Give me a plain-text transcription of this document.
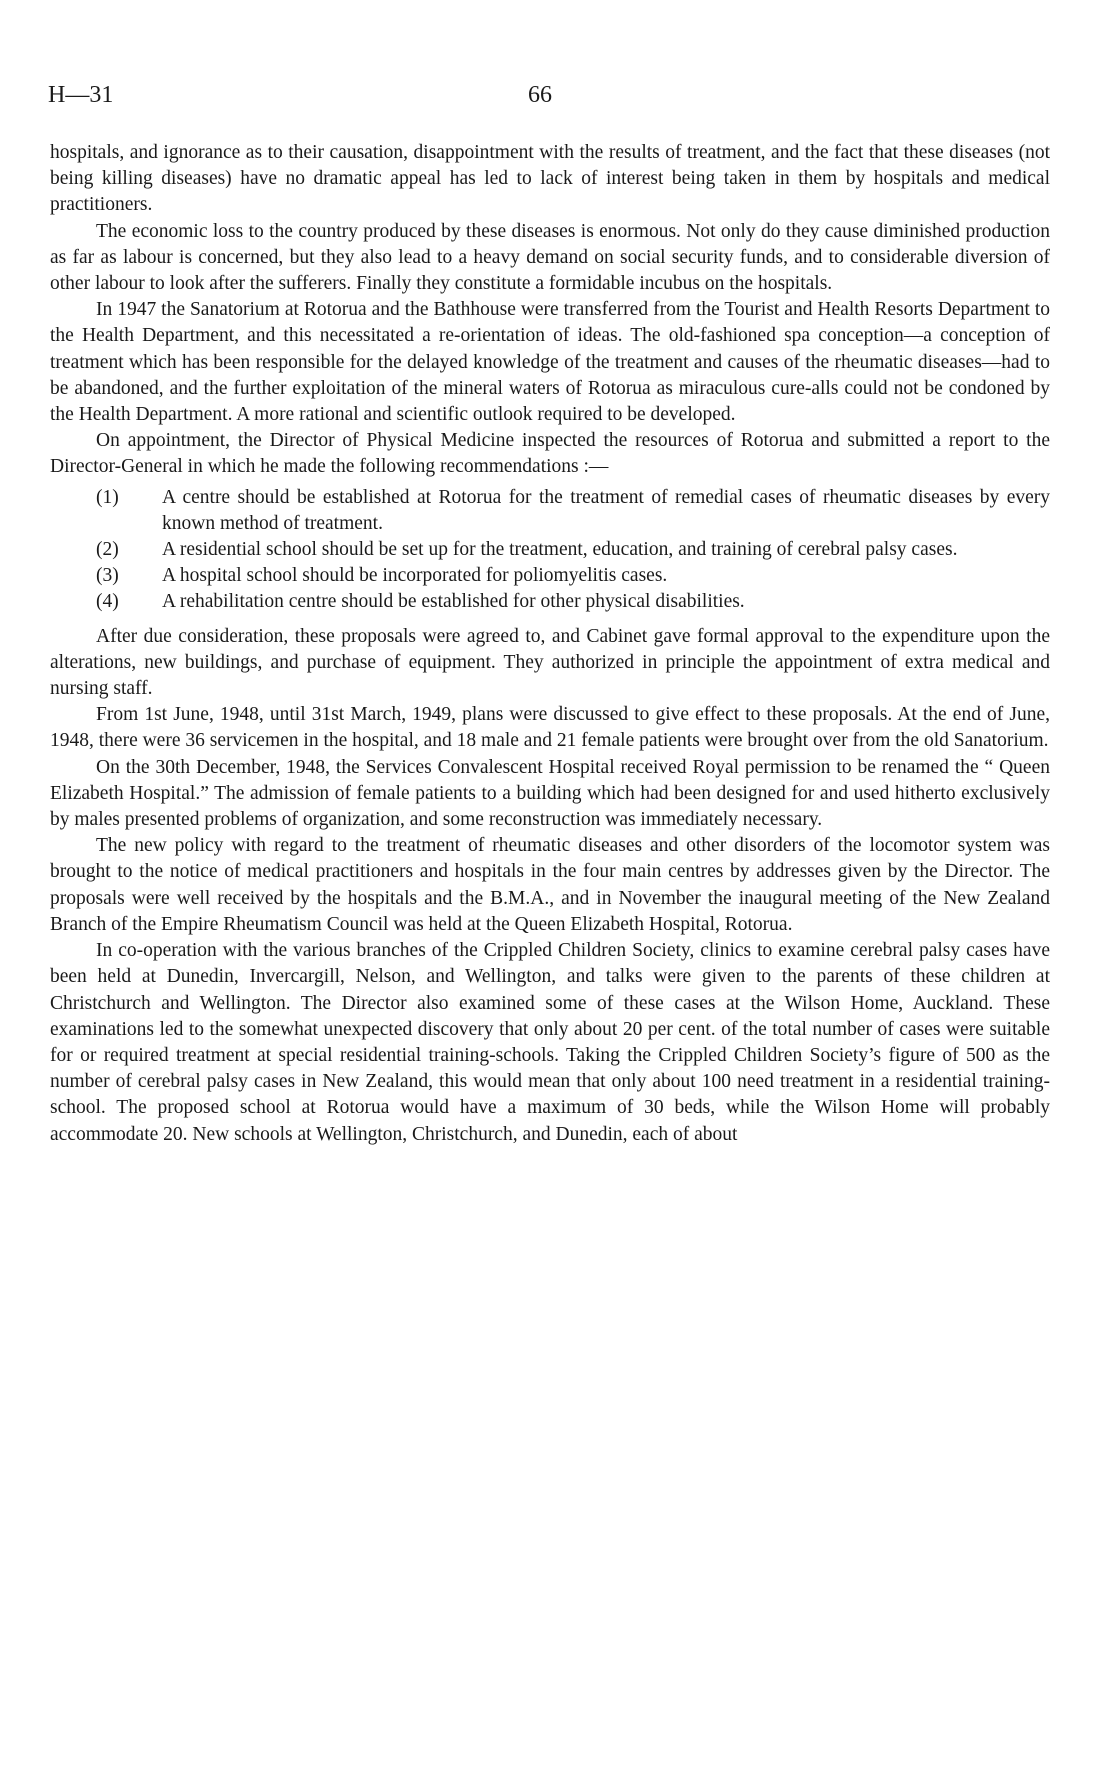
H—31	66

hospitals, and ignorance as to their causation, disappointment with the results of treatment, and the fact that these diseases (not being killing diseases) have no dramatic appeal has led to lack of interest being taken in them by hospitals and medical practitioners.

The economic loss to the country produced by these diseases is enormous. Not only do they cause diminished production as far as labour is concerned, but they also lead to a heavy demand on social security funds, and to considerable diversion of other labour to look after the sufferers. Finally they constitute a formidable incubus on the hospitals.

In 1947 the Sanatorium at Rotorua and the Bathhouse were transferred from the Tourist and Health Resorts Department to the Health Department, and this necessitated a re-orientation of ideas. The old-fashioned spa conception—a conception of treatment which has been responsible for the delayed knowledge of the treatment and causes of the rheumatic diseases—had to be abandoned, and the further exploitation of the mineral waters of Rotorua as miraculous cure-alls could not be condoned by the Health Department. A more rational and scientific outlook required to be developed.

On appointment, the Director of Physical Medicine inspected the resources of Rotorua and submitted a report to the Director-General in which he made the following recommendations :—

(1) A centre should be established at Rotorua for the treatment of remedial cases of rheumatic diseases by every known method of treatment.
(2) A residential school should be set up for the treatment, education, and training of cerebral palsy cases.
(3) A hospital school should be incorporated for poliomyelitis cases.
(4) A rehabilitation centre should be established for other physical disabilities.

After due consideration, these proposals were agreed to, and Cabinet gave formal approval to the expenditure upon the alterations, new buildings, and purchase of equipment. They authorized in principle the appointment of extra medical and nursing staff.

From 1st June, 1948, until 31st March, 1949, plans were discussed to give effect to these proposals. At the end of June, 1948, there were 36 servicemen in the hospital, and 18 male and 21 female patients were brought over from the old Sanatorium.

On the 30th December, 1948, the Services Convalescent Hospital received Royal permission to be renamed the “ Queen Elizabeth Hospital.” The admission of female patients to a building which had been designed for and used hitherto exclusively by males presented problems of organization, and some reconstruction was immediately necessary.

The new policy with regard to the treatment of rheumatic diseases and other disorders of the locomotor system was brought to the notice of medical practitioners and hospitals in the four main centres by addresses given by the Director. The proposals were well received by the hospitals and the B.M.A., and in November the inaugural meeting of the New Zealand Branch of the Empire Rheumatism Council was held at the Queen Elizabeth Hospital, Rotorua.

In co-operation with the various branches of the Crippled Children Society, clinics to examine cerebral palsy cases have been held at Dunedin, Invercargill, Nelson, and Wellington, and talks were given to the parents of these children at Christchurch and Wellington. The Director also examined some of these cases at the Wilson Home, Auckland. These examinations led to the somewhat unexpected discovery that only about 20 per cent. of the total number of cases were suitable for or required treatment at special residential training-schools. Taking the Crippled Children Society’s figure of 500 as the number of cerebral palsy cases in New Zealand, this would mean that only about 100 need treatment in a residential training-school. The proposed school at Rotorua would have a maximum of 30 beds, while the Wilson Home will probably accommodate 20. New schools at Wellington, Christchurch, and Dunedin, each of about
